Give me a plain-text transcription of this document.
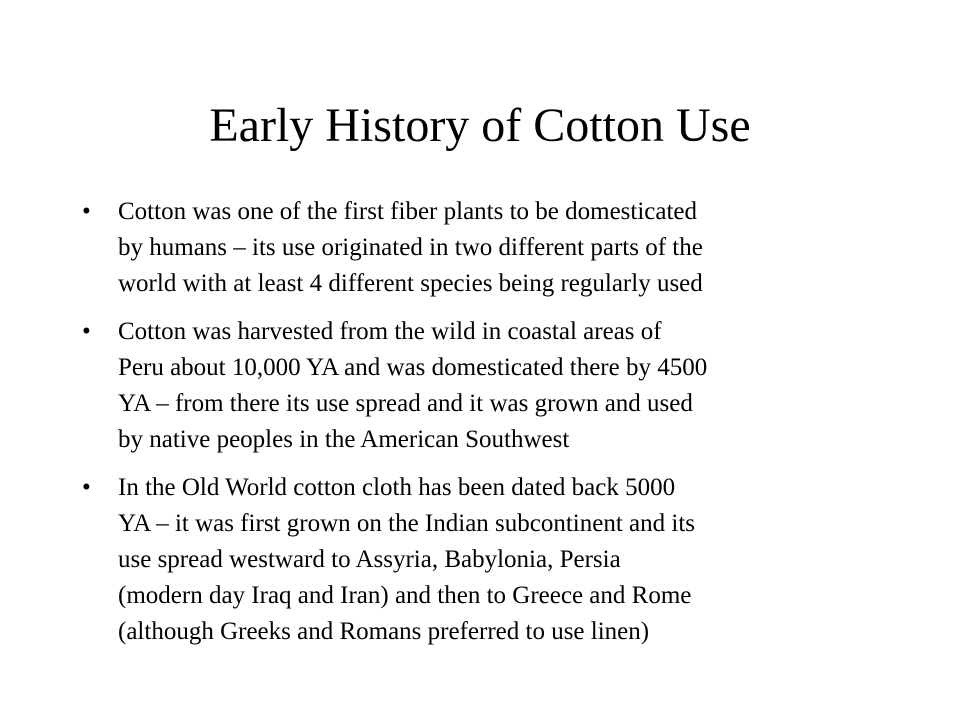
Early History of Cotton Use
• Cotton was one of the first fiber plants to be domesticated
by humans – its use originated in two different parts of the
world with at least 4 different species being regularly used
• Cotton was harvested from the wild in coastal areas of
Peru about 10,000 YA and was domesticated there by 4500
YA – from there its use spread and it was grown and used
by native peoples in the American Southwest
• In the Old World cotton cloth has been dated back 5000
YA – it was first grown on the Indian subcontinent and its
use spread westward to Assyria, Babylonia, Persia
(modern day Iraq and Iran) and then to Greece and Rome
(although Greeks and Romans preferred to use linen)
